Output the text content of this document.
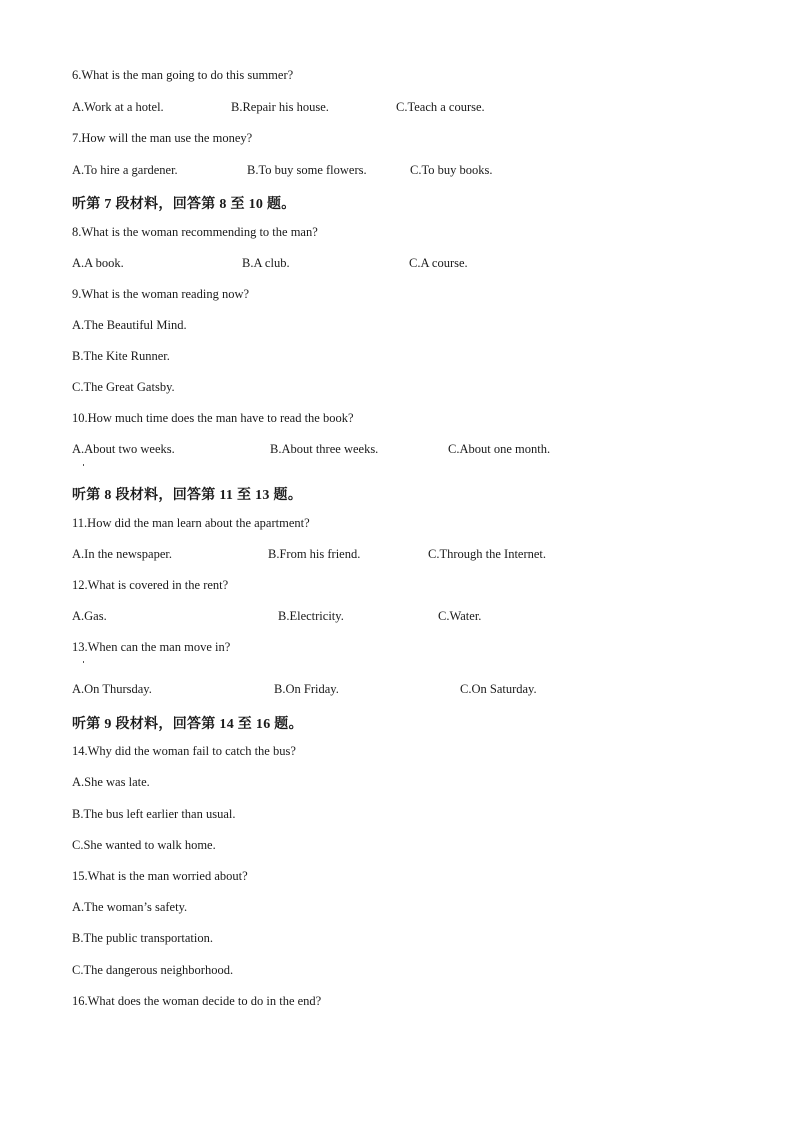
6.What is the man going to do this summer?
A.Work at a hotel.	B.Repair his house.	C.Teach a course.
7.How will the man use the money?
A.To hire a gardener.	B.To buy some flowers.	C.To buy books.
听第 7 段材料，回答第 8 至 10 题。
8.What is the woman recommending to the man?
A.A book.	B.A club.	C.A course.
9.What is the woman reading now?
A.The Beautiful Mind.
B.The Kite Runner.
C.The Great Gatsby.
10.How much time does the man have to read the book?
A.About two weeks.	B.About three weeks.	C.About one month.
听第 8 段材料，回答第 11 至 13 题。
11.How did the man learn about the apartment?
A.In the newspaper.	B.From his friend.	C.Through the Internet.
12.What is covered in the rent?
A.Gas.	B.Electricity.	C.Water.
13.When can the man move in?
A.On Thursday.	B.On Friday.	C.On Saturday.
听第 9 段材料，回答第 14 至 16 题。
14.Why did the woman fail to catch the bus?
A.She was late.
B.The bus left earlier than usual.
C.She wanted to walk home.
15.What is the man worried about?
A.The woman’s safety.
B.The public transportation.
C.The dangerous neighborhood.
16.What does the woman decide to do in the end?
